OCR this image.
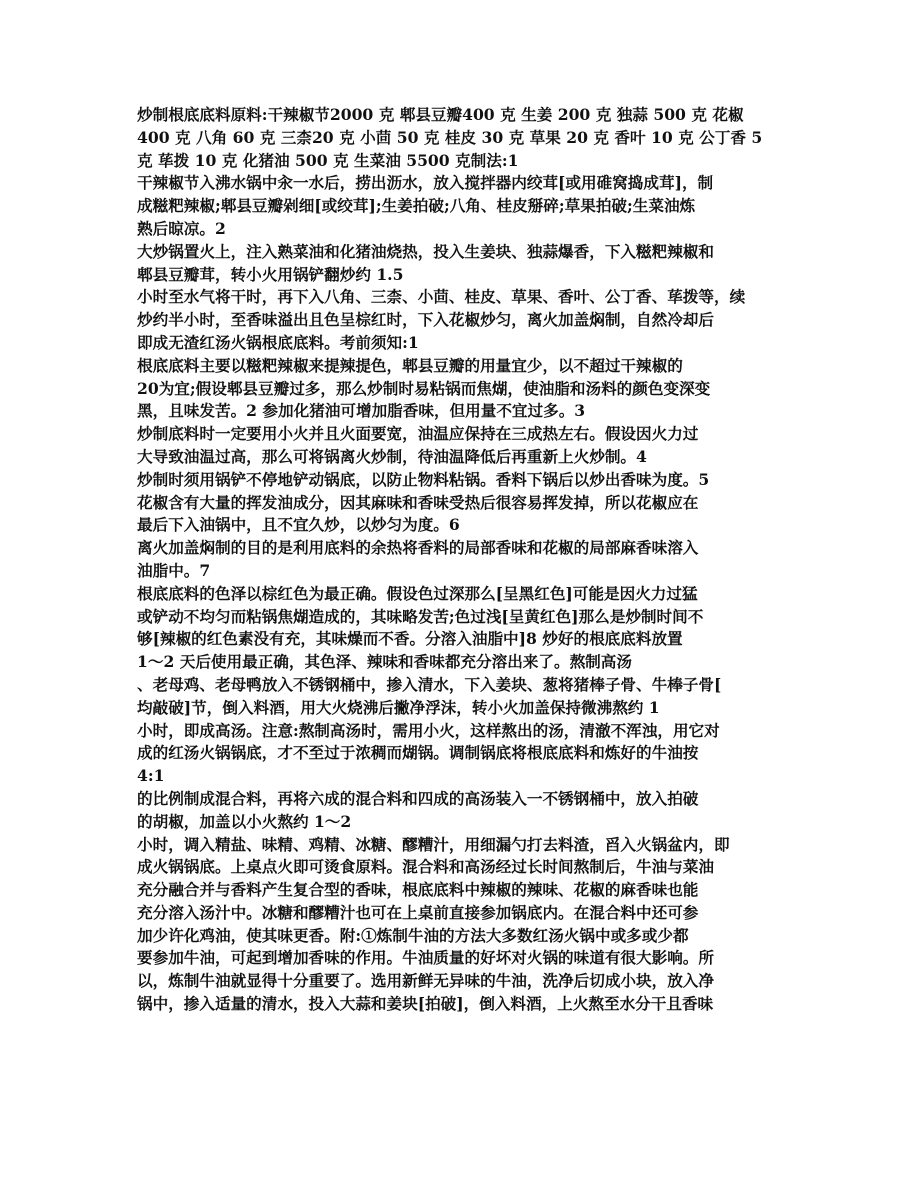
炒制根底底料原料:干辣椒节2000 克 郫县豆瓣400 克 生姜 200 克 独蒜 500 克 花椒
400 克 八角 60 克 三柰20 克 小茴 50 克 桂皮 30 克 草果 20 克 香叶 10 克 公丁香 5
克 荜拨 10 克 化猪油 500 克 生菜油 5500 克制法:1
干辣椒节入沸水锅中汆一水后，捞出沥水，放入搅拌器内绞茸[或用碓窝捣成茸]，制
成糍粑辣椒;郫县豆瓣剁细[或绞茸];生姜拍破;八角、桂皮掰碎;草果拍破;生菜油炼
熟后晾凉。2
大炒锅置火上，注入熟菜油和化猪油烧热，投入生姜块、独蒜爆香，下入糍粑辣椒和
郫县豆瓣茸，转小火用锅铲翻炒约 1.5
小时至水气将干时，再下入八角、三柰、小茴、桂皮、草果、香叶、公丁香、荜拨等，续
炒约半小时，至香味溢出且色呈棕红时，下入花椒炒匀，离火加盖焖制，自然冷却后
即成无渣红汤火锅根底底料。考前须知:1
根底底料主要以糍粑辣椒来提辣提色，郫县豆瓣的用量宜少，以不超过干辣椒的
20为宜;假设郫县豆瓣过多，那么炒制时易粘锅而焦煳，使油脂和汤料的颜色变深变
黑，且味发苦。2 参加化猪油可增加脂香味，但用量不宜过多。3
炒制底料时一定要用小火并且火面要宽，油温应保持在三成热左右。假设因火力过
大导致油温过高，那么可将锅离火炒制，待油温降低后再重新上火炒制。4
炒制时须用锅铲不停地铲动锅底，以防止物料粘锅。香料下锅后以炒出香味为度。5
花椒含有大量的挥发油成分，因其麻味和香味受热后很容易挥发掉，所以花椒应在
最后下入油锅中，且不宜久炒，以炒匀为度。6
离火加盖焖制的目的是利用底料的余热将香料的局部香味和花椒的局部麻香味溶入
油脂中。7
根底底料的色泽以棕红色为最正确。假设色过深那么[呈黑红色]可能是因火力过猛
或铲动不均匀而粘锅焦煳造成的，其味略发苦;色过浅[呈黄红色]那么是炒制时间不
够[辣椒的红色素没有充，其味燥而不香。分溶入油脂中]8 炒好的根底底料放置
1～2 天后使用最正确，其色泽、辣味和香味都充分溶出来了。熬制高汤
、老母鸡、老母鸭放入不锈钢桶中，掺入清水，下入姜块、葱将猪棒子骨、牛棒子骨[
均敲破]节，倒入料酒，用大火烧沸后撇净浮沫，转小火加盖保持微沸熬约 1
小时，即成高汤。注意:熬制高汤时，需用小火，这样熬出的汤，清澈不浑浊，用它对
成的红汤火锅锅底，才不至过于浓稠而煳锅。调制锅底将根底底料和炼好的牛油按
4:1
的比例制成混合料，再将六成的混合料和四成的高汤装入一不锈钢桶中，放入拍破
的胡椒，加盖以小火熬约 1～2
小时，调入精盐、味精、鸡精、冰糖、醪糟汁，用细漏勺打去料渣，舀入火锅盆内，即
成火锅锅底。上桌点火即可烫食原料。混合料和高汤经过长时间熬制后，牛油与菜油
充分融合并与香料产生复合型的香味，根底底料中辣椒的辣味、花椒的麻香味也能
充分溶入汤汁中。冰糖和醪糟汁也可在上桌前直接参加锅底内。在混合料中还可参
加少许化鸡油，使其味更香。附:①炼制牛油的方法大多数红汤火锅中或多或少都
要参加牛油，可起到增加香味的作用。牛油质量的好坏对火锅的味道有很大影响。所
以，炼制牛油就显得十分重要了。选用新鲜无异味的牛油，洗净后切成小块，放入净
锅中，掺入适量的清水，投入大蒜和姜块[拍破]，倒入料酒，上火熬至水分干且香味
